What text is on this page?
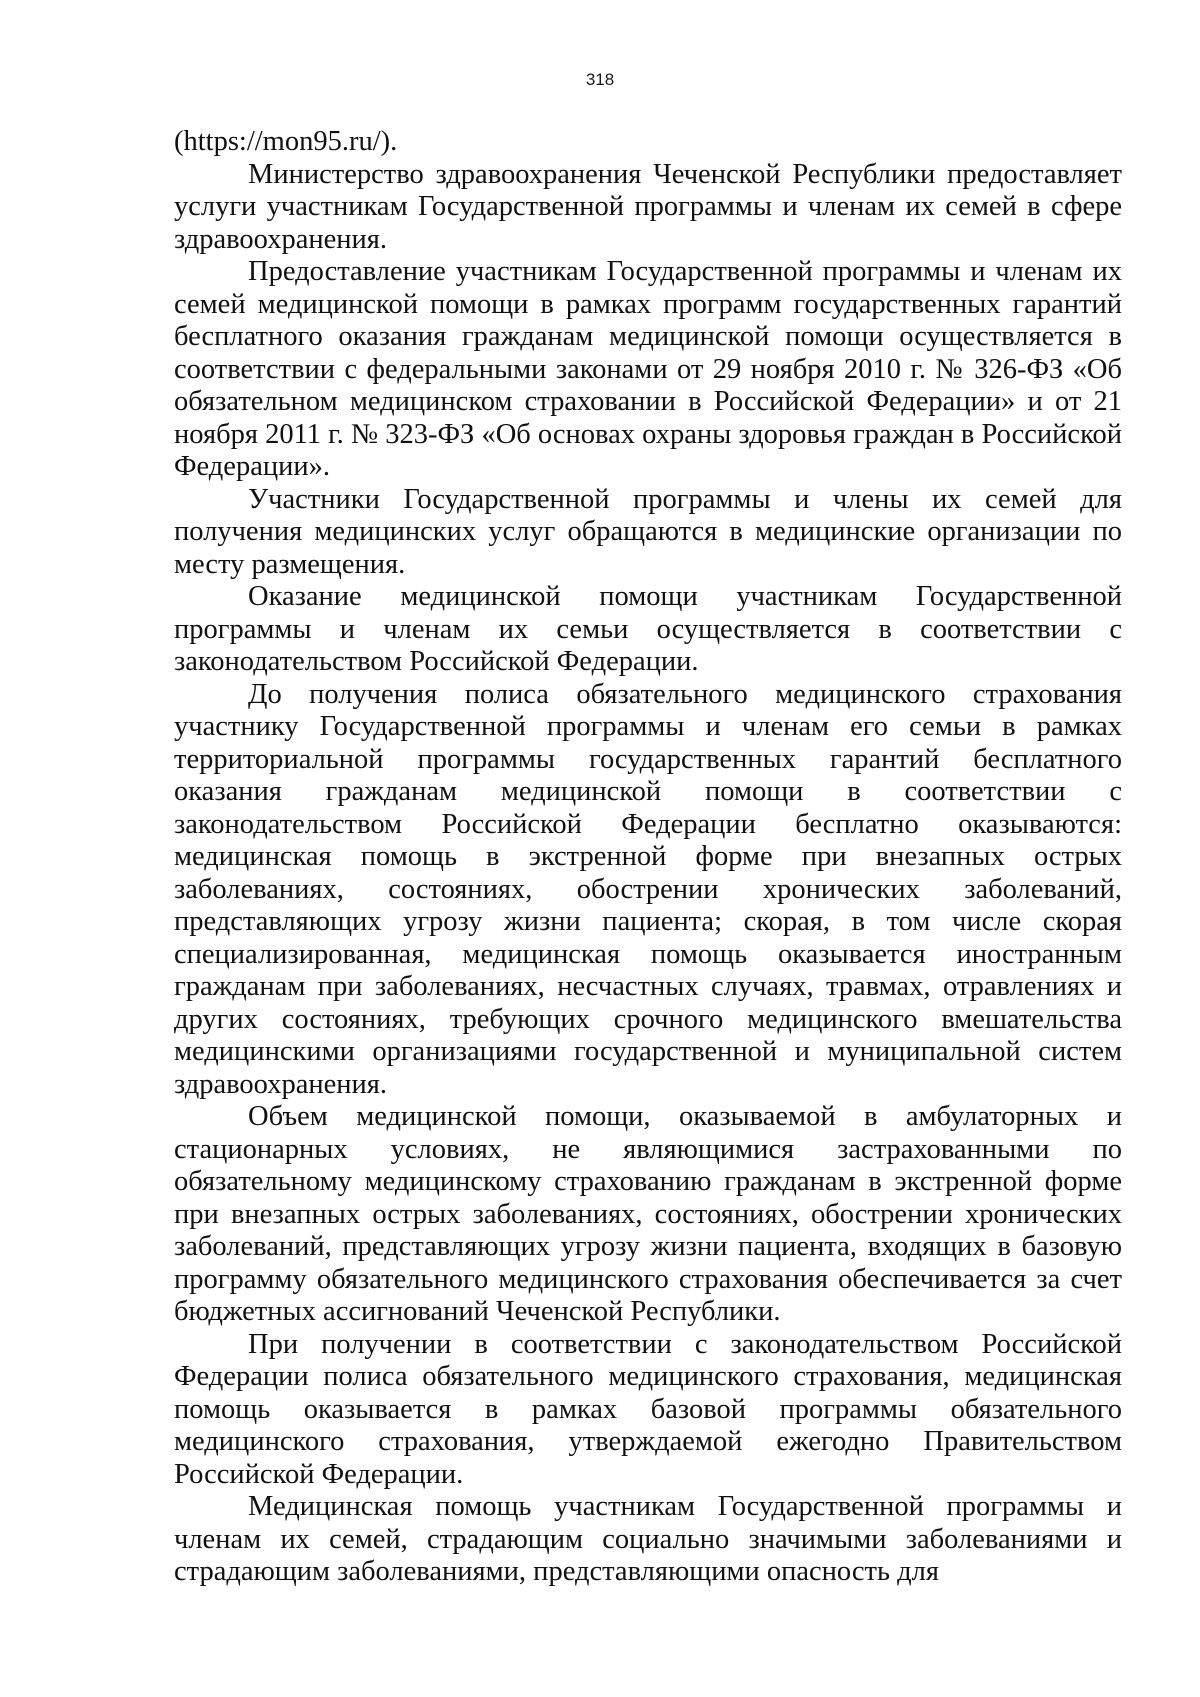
318

(https://mon95.ru/).

Министерство здравоохранения Чеченской Республики предоставляет услуги участникам Государственной программы и членам их семей в сфере здравоохранения.

Предоставление участникам Государственной программы и членам их семей медицинской помощи в рамках программ государственных гарантий бесплатного оказания гражданам медицинской помощи осуществляется в соответствии с федеральными законами от 29 ноября 2010 г. № 326-ФЗ «Об обязательном медицинском страховании в Российской Федерации» и от 21 ноября 2011 г. № 323-ФЗ «Об основах охраны здоровья граждан в Российской Федерации».

Участники Государственной программы и члены их семей для получения медицинских услуг обращаются в медицинские организации по месту размещения.

Оказание медицинской помощи участникам Государственной программы и членам их семьи осуществляется в соответствии с законодательством Российской Федерации.

До получения полиса обязательного медицинского страхования участнику Государственной программы и членам его семьи в рамках территориальной программы государственных гарантий бесплатного оказания гражданам медицинской помощи в соответствии с законодательством Российской Федерации бесплатно оказываются: медицинская помощь в экстренной форме при внезапных острых заболеваниях, состояниях, обострении хронических заболеваний, представляющих угрозу жизни пациента; скорая, в том числе скорая специализированная, медицинская помощь оказывается иностранным гражданам при заболеваниях, несчастных случаях, травмах, отравлениях и других состояниях, требующих срочного медицинского вмешательства медицинскими организациями государственной и муниципальной систем здравоохранения.

Объем медицинской помощи, оказываемой в амбулаторных и стационарных условиях, не являющимися застрахованными по обязательному медицинскому страхованию гражданам в экстренной форме при внезапных острых заболеваниях, состояниях, обострении хронических заболеваний, представляющих угрозу жизни пациента, входящих в базовую программу обязательного медицинского страхования обеспечивается за счет бюджетных ассигнований Чеченской Республики.

При получении в соответствии с законодательством Российской Федерации полиса обязательного медицинского страхования, медицинская помощь оказывается в рамках базовой программы обязательного медицинского страхования, утверждаемой ежегодно Правительством Российской Федерации.

Медицинская помощь участникам Государственной программы и членам их семей, страдающим социально значимыми заболеваниями и страдающим заболеваниями, представляющими опасность для
